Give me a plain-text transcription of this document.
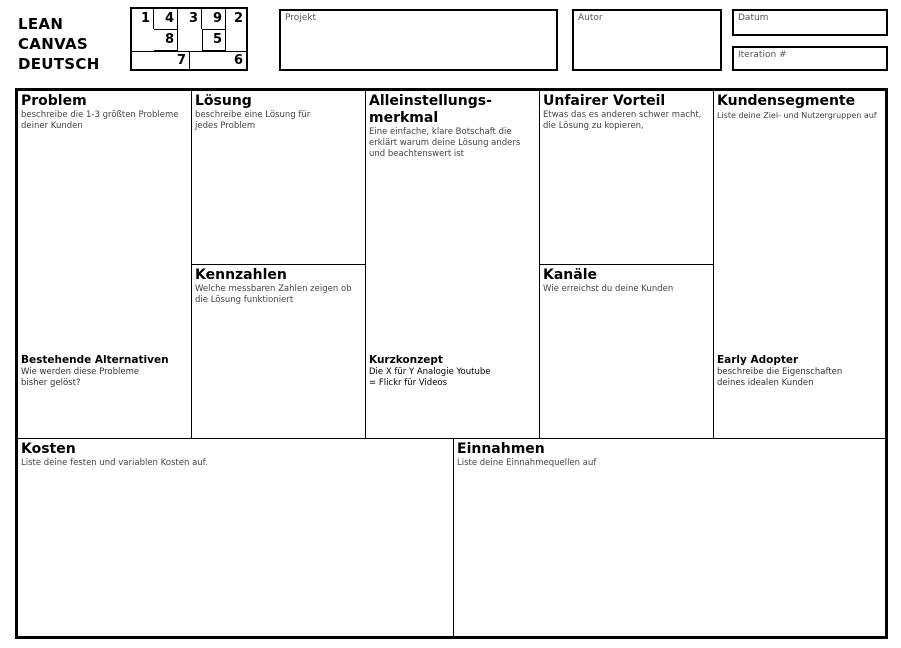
LEAN
CANVAS
DEUTSCH
1	4	3	9 2
8	5
7	6
Projekt	Autor	Datum
Iteration #

Problem

beschreibe die 1-3 größten Probleme deiner Kunden

Bestehende Alternativen

Wie werden diese Probleme bisher gelöst?

Lösung

beschreibe eine Lösung für jedes Problem

Kennzahlen

Welche messbaren Zahlen zeigen ob die Lösung funktioniert

Alleinstellungs-merkmal

Eine einfache, klare Botschaft die erklärt warum deine Lösung anders und beachtenswert ist

Kurzkonzept

Die X für Y Analogie Youtube = Flickr für Videos

Unfairer Vorteil

Etwas das es anderen schwer macht, die Lösung zu kopieren,

Kanäle

Wie erreichst du deine Kunden

Kundensegmente

Liste deine Ziel- und Nutzergruppen auf

Early Adopter

beschreibe die Eigenschaften deines idealen Kunden

Kosten

Liste deine festen und variablen Kosten auf.

Einnahmen

Liste deine Einnahmequellen auf
